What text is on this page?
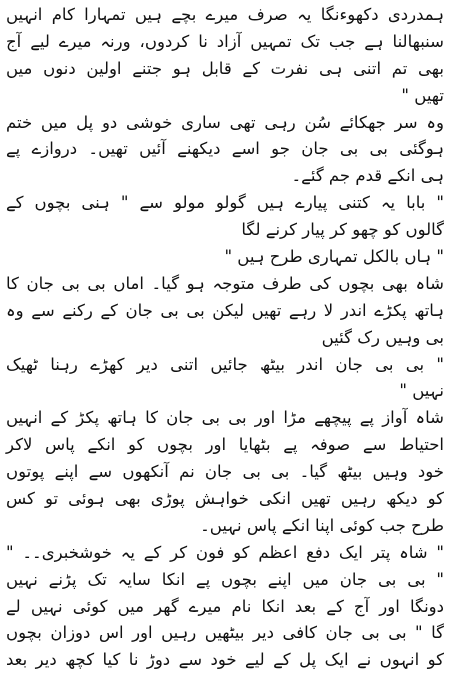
ہمدردی دکھوءنگا یہ صرف میرے بچے ہیں تمہارا کام انہیں
سنبھالنا ہے جب تک تمہیں آزاد نا کردوں، ورنہ میرے لیے آج
بھی تم اتنی ہی نفرت کے قابل ہو جتنے اولین دنوں میں
تھیں "
وہ سر جھکائے سُن رہی تھی ساری خوشی دو پل میں ختم
ہوگئی بی بی جان جو اسے دیکھنے آئیں تھیں۔ دروازے پے
ہی انکے قدم جم گئے۔
" بابا یہ کتنی پیارے ہیں گولو مولو سے " ہنی بچوں کے
گالوں کو چھو کر پیار کرنے لگا
" ہاں بالکل تمہاری طرح ہیں "
شاہ بھی بچوں کی طرف متوجہ ہو گیا۔ اماں بی بی جان کا
ہاتھ پکڑے اندر لا رہے تھیں لیکن بی بی جان کے رکنے سے وہ
بی وہیں رک گئیں
" بی بی جان اندر بیٹھ جائیں اتنی دیر کھڑے رہنا ٹھیک
نہیں "
شاہ آواز پے پیچھے مڑا اور بی بی جان کا ہاتھ پکڑ کے انہیں
احتیاط سے صوفہ پے بٹھایا اور بچوں کو انکے پاس لاکر
خود وہیں بیٹھ گیا۔ بی بی جان نم آنکھوں سے اپنے پوتوں
کو دیکھ رہیں تھیں انکی خواہش پوڑی بھی ہوئی تو کس
طرح جب کوئی اپنا انکے پاس نہیں۔
" شاہ پتر ایک دفع اعظم کو فون کر کے یہ خوشخبری۔۔ "
" بی بی جان میں اپنے بچوں پے انکا سایہ تک پڑنے نہیں
دونگا اور آج کے بعد انکا نام میرے گھر میں کوئی نہیں لے
گا " بی بی جان کافی دیر بیٹھیں رہیں اور اس دوزان بچوں
کو انہوں نے ایک پل کے لیے خود سے دوڑ نا کیا کچھ دیر بعد
